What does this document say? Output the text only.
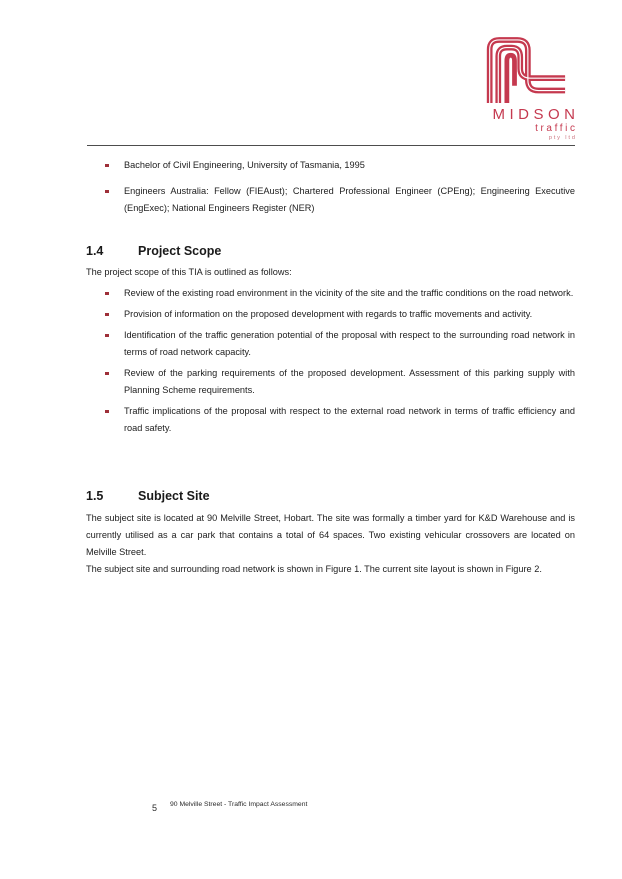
MIDSON
traffic
pty ltd
Bachelor of Civil Engineering, University of Tasmania, 1995
Engineers Australia: Fellow (FIEAust); Chartered Professional Engineer (CPEng); Engineering Executive (EngExec); National Engineers Register (NER)
1.4	Project Scope
The project scope of this TIA is outlined as follows:
Review of the existing road environment in the vicinity of the site and the traffic conditions on the road network.
Provision of information on the proposed development with regards to traffic movements and activity.
Identification of the traffic generation potential of the proposal with respect to the surrounding road network in terms of road network capacity.
Review of the parking requirements of the proposed development. Assessment of this parking supply with Planning Scheme requirements.
Traffic implications of the proposal with respect to the external road network in terms of traffic efficiency and road safety.
1.5	Subject Site
The subject site is located at 90 Melville Street, Hobart. The site was formally a timber yard for K&D Warehouse and is currently utilised as a car park that contains a total of 64 spaces. Two existing vehicular crossovers are located on Melville Street.
The subject site and surrounding road network is shown in Figure 1. The current site layout is shown in Figure 2.
5 90 Melville Street - Traffic Impact Assessment
